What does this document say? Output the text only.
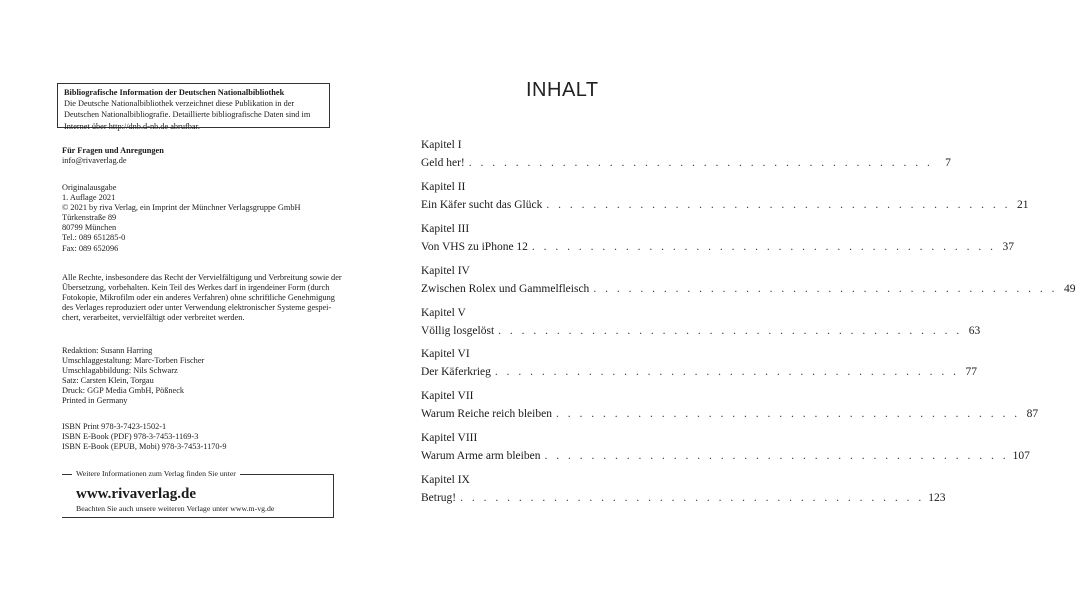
Bibliografische Information der Deutschen Nationalbibliothek
Die Deutsche Nationalbibliothek verzeichnet diese Publikation in der
Deutschen Nationalbibliografie. Detaillierte bibliografische Daten sind im
Internet über http://dnb.d-nb.de abrufbar.
Für Fragen und Anregungen
info@rivaverlag.de
Originalausgabe
1. Auflage 2021
© 2021 by riva Verlag, ein Imprint der Münchner Verlagsgruppe GmbH
Türkenstraße 89
80799 München
Tel.: 089 651285-0
Fax: 089 652096
Alle Rechte, insbesondere das Recht der Vervielfältigung und Verbreitung sowie der
Übersetzung, vorbehalten. Kein Teil des Werkes darf in irgendeiner Form (durch
Fotokopie, Mikrofilm oder ein anderes Verfahren) ohne schriftliche Genehmigung
des Verlages reproduziert oder unter Verwendung elektronischer Systeme gespei-
chert, verarbeitet, vervielfältigt oder verbreitet werden.
Redaktion: Susann Harring
Umschlaggestaltung: Marc-Torben Fischer
Umschlagabbildung: Nils Schwarz
Satz: Carsten Klein, Torgau
Druck: GGP Media GmbH, Pößneck
Printed in Germany
ISBN Print 978-3-7423-1502-1
ISBN E-Book (PDF) 978-3-7453-1169-3
ISBN E-Book (EPUB, Mobi) 978-3-7453-1170-9
Weitere Informationen zum Verlag finden Sie unter
www.rivaverlag.de
Beachten Sie auch unsere weiteren Verlage unter www.m-vg.de
INHALT
Kapitel I
Geld her! . . . . . . . . . . . . . . . . . . . . . . . . . . . . . . . . . . . . . . . .	7
Kapitel II
Ein Käfer sucht das Glück . . . . . . . . . . . . . . . . . . . . . . . . . . . . . . . . . . . . . . . . 21
Kapitel III
Von VHS zu iPhone 12 . . . . . . . . . . . . . . . . . . . . . . . . . . . . . . . . . . . . . . . . 37
Kapitel IV
Zwischen Rolex und Gammelfleisch . . . . . . . . . . . . . . . . . . . . . . . . . . . . . . . . . . . . . . . . 49
Kapitel V
Völlig losgelöst . . . . . . . . . . . . . . . . . . . . . . . . . . . . . . . . . . . . . . . . 63
Kapitel VI
Der Käferkrieg . . . . . . . . . . . . . . . . . . . . . . . . . . . . . . . . . . . . . . . . 77
Kapitel VII
Warum Reiche reich bleiben . . . . . . . . . . . . . . . . . . . . . . . . . . . . . . . . . . . . . . . . 87
Kapitel VIII
Warum Arme arm bleiben . . . . . . . . . . . . . . . . . . . . . . . . . . . . . . . . . . . . . . . . 107
Kapitel IX
Betrug! . . . . . . . . . . . . . . . . . . . . . . . . . . . . . . . . . . . . . . . . 123
